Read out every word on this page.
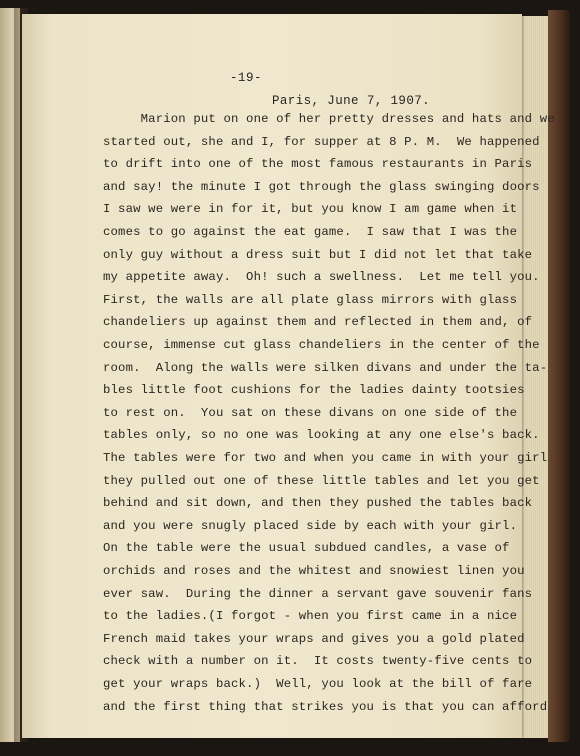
-19-
Paris, June 7, 1907.
Marion put on one of her pretty dresses and hats and we
started out, she and I, for supper at 8 P. M.  We happened
to drift into one of the most famous restaurants in Paris
and say! the minute I got through the glass swinging doors
I saw we were in for it, but you know I am game when it
comes to go against the eat game.  I saw that I was the
only guy without a dress suit but I did not let that take
my appetite away.  Oh! such a swellness.  Let me tell you.
First, the walls are all plate glass mirrors with glass
chandeliers up against them and reflected in them and, of
course, immense cut glass chandeliers in the center of the
room.  Along the walls were silken divans and under the ta-
bles little foot cushions for the ladies dainty tootsies
to rest on.  You sat on these divans on one side of the
tables only, so no one was looking at any one else's back.
The tables were for two and when you came in with your girl
they pulled out one of these little tables and let you get
behind and sit down, and then they pushed the tables back
and you were snugly placed side by each with your girl.
On the table were the usual subdued candles, a vase of
orchids and roses and the whitest and snowiest linen you
ever saw.  During the dinner a servant gave souvenir fans
to the ladies.(I forgot - when you first came in a nice
French maid takes your wraps and gives you a gold plated
check with a number on it.  It costs twenty-five cents to
get your wraps back.)  Well, you look at the bill of fare
and the first thing that strikes you is that you can afford
